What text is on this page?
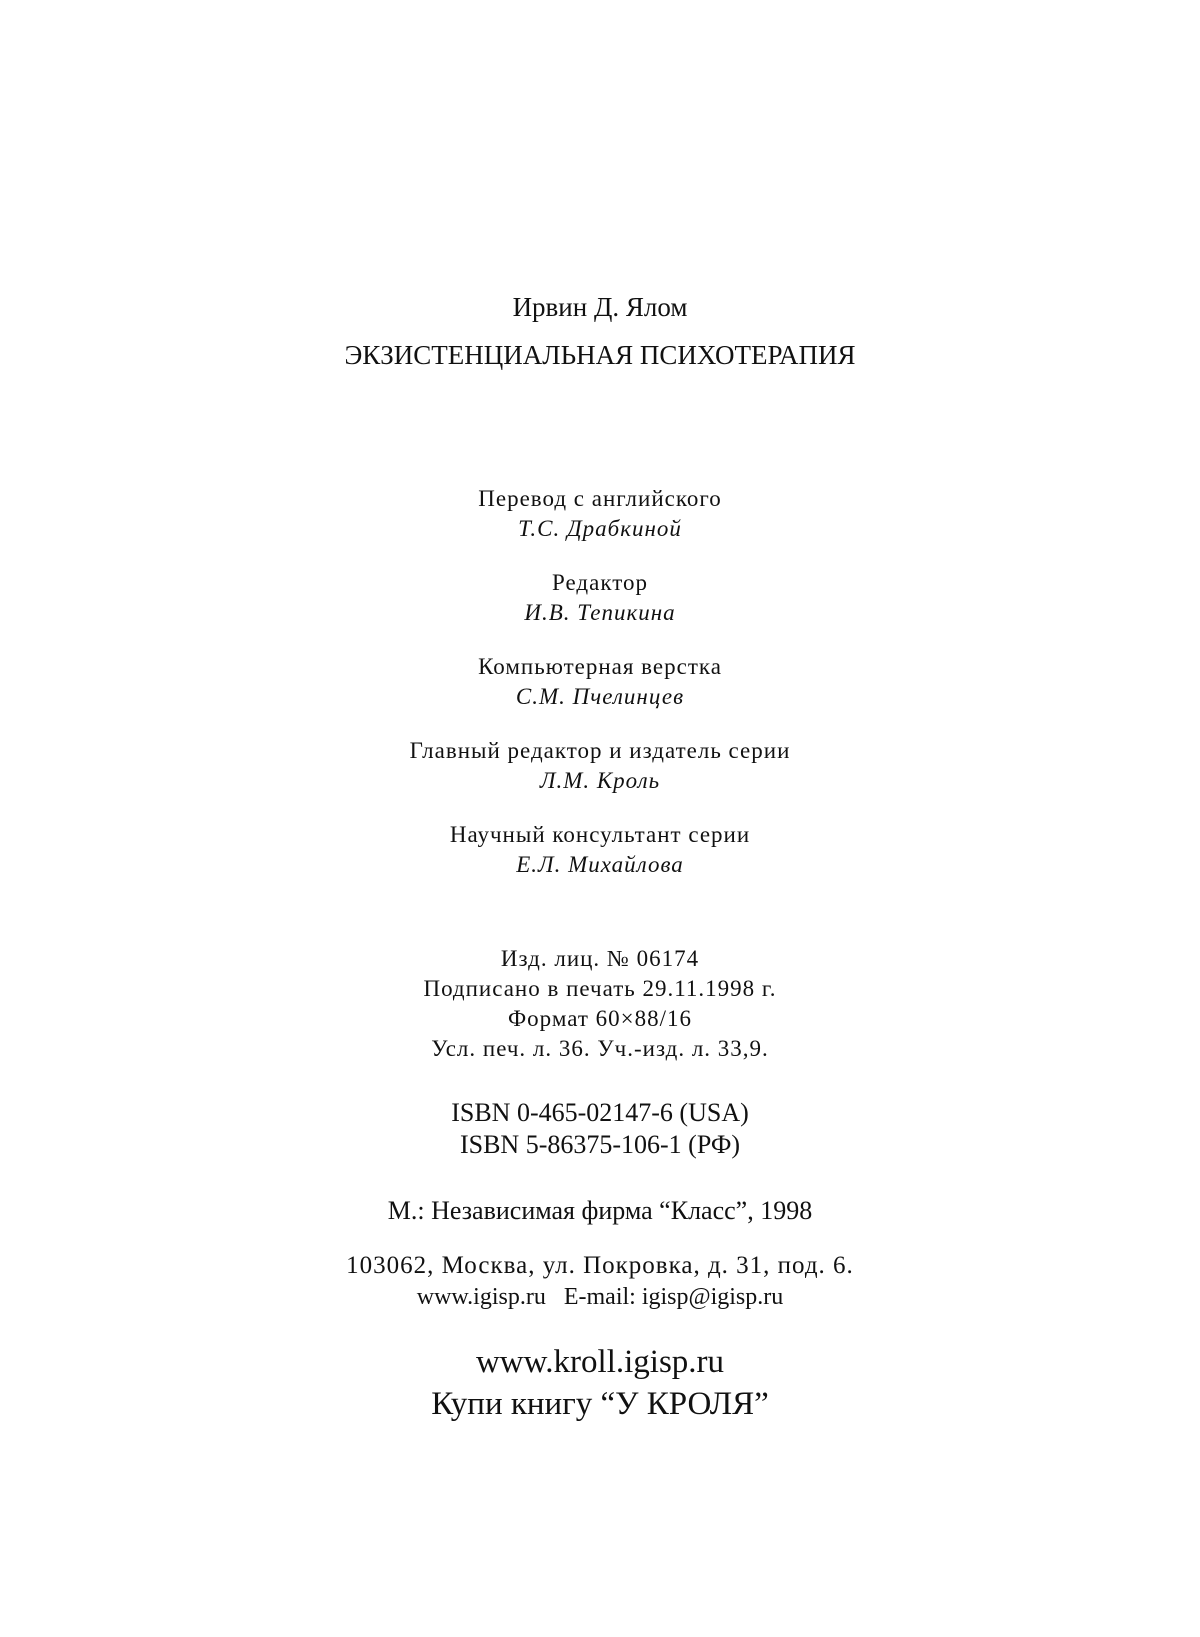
Ирвин Д. Ялом
ЭКЗИСТЕНЦИАЛЬНАЯ ПСИХОТЕРАПИЯ
Перевод с английского
Т.С. Драбкиной
Редактор
И.В. Тепикина
Компьютерная верстка
С.М. Пчелинцев
Главный редактор и издатель серии
Л.М. Кроль
Научный консультант серии
Е.Л. Михайлова
Изд. лиц. № 06174
Подписано в печать 29.11.1998 г.
Формат 60×88/16
Усл. печ. л. 36. Уч.-изд. л. 33,9.
ISBN 0-465-02147-6 (USA)
ISBN 5-86375-106-1 (РФ)
М.: Независимая фирма “Класс”, 1998
103062, Москва, ул. Покровка, д. 31, под. 6.
www.igisp.ru   E-mail: igisp@igisp.ru
www.kroll.igisp.ru
Купи книгу “У КРОЛЯ”
